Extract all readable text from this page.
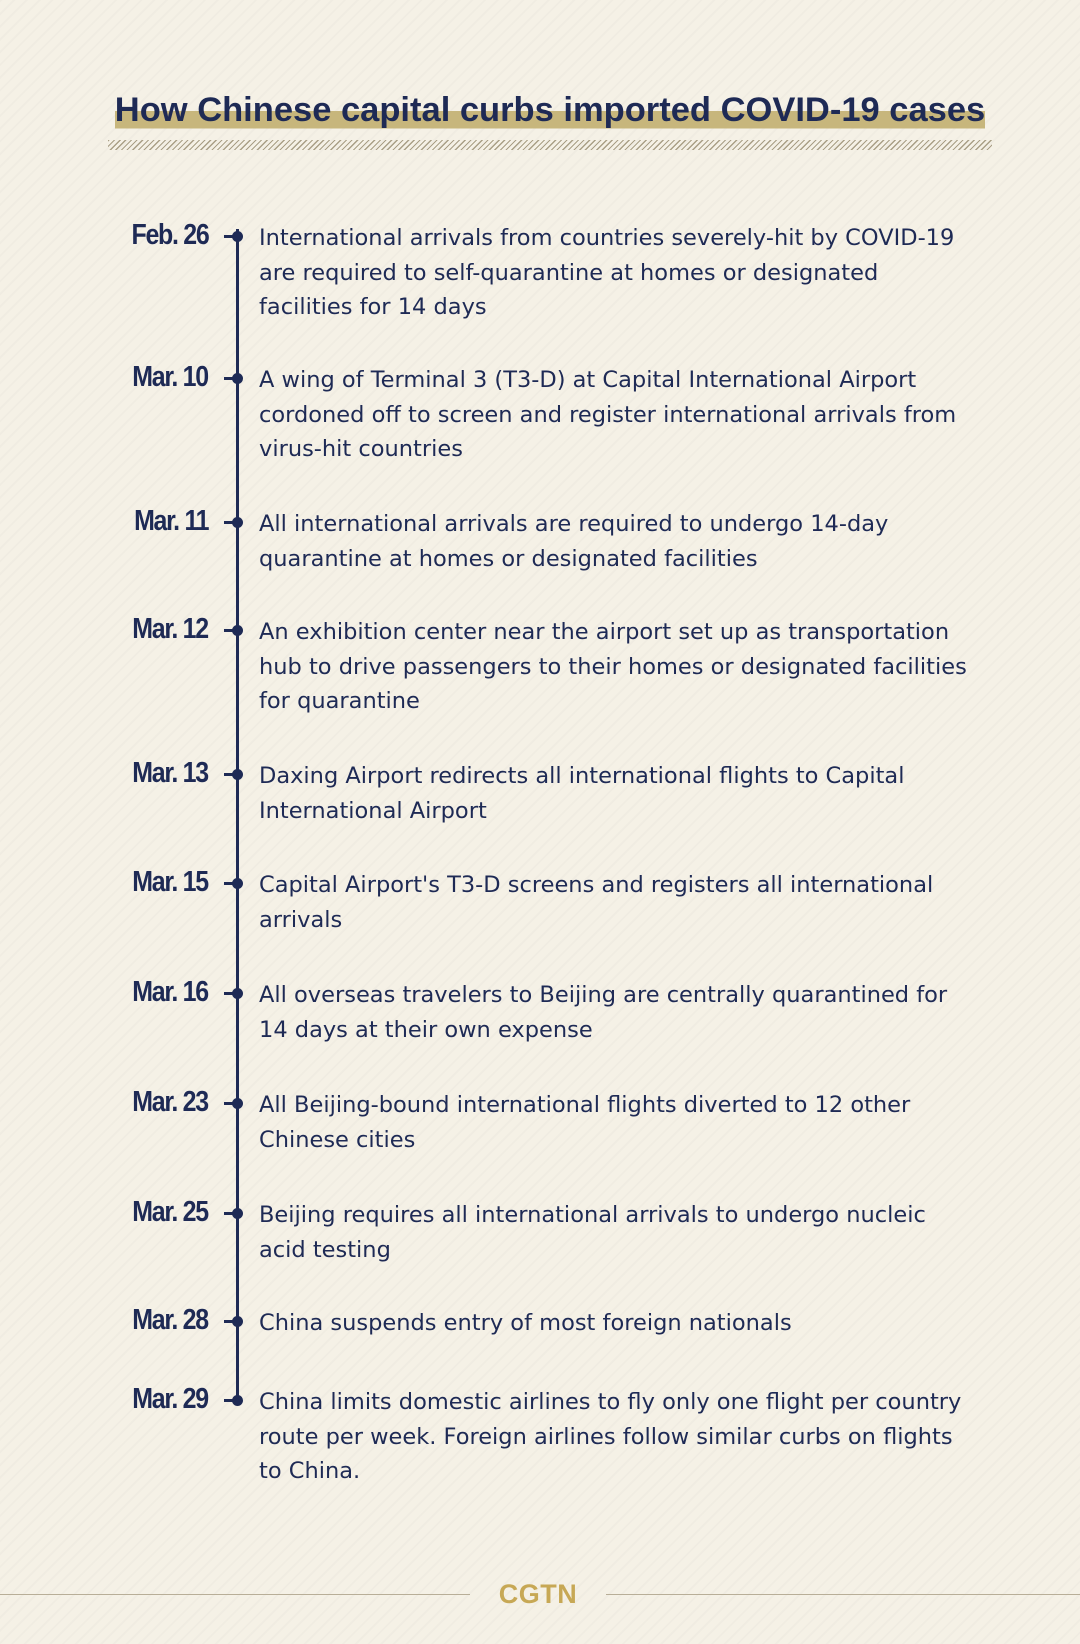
How Chinese capital curbs imported COVID-19 cases
Feb. 26 International arrivals from countries severely-hit by COVID-19 are required to self-quarantine at homes or designated facilities for 14 days

Mar. 10 A wing of Terminal 3 (T3-D) at Capital International Airport cordoned off to screen and register international arrivals from virus-hit countries

Mar. 11 All international arrivals are required to undergo 14-day quarantine at homes or designated facilities

Mar. 12 An exhibition center near the airport set up as transportation hub to drive passengers to their homes or designated facilities for quarantine

Mar. 13 Daxing Airport redirects all international flights to Capital International Airport

Mar. 15 Capital Airport's T3-D screens and registers all international arrivals

Mar. 16 All overseas travelers to Beijing are centrally quarantined for 14 days at their own expense

Mar. 23 All Beijing-bound international flights diverted to 12 other Chinese cities

Mar. 25 Beijing requires all international arrivals to undergo nucleic acid testing

Mar. 28 China suspends entry of most foreign nationals

Mar. 29 China limits domestic airlines to fly only one flight per country route per week. Foreign airlines follow similar curbs on flights to China.

CGTN
